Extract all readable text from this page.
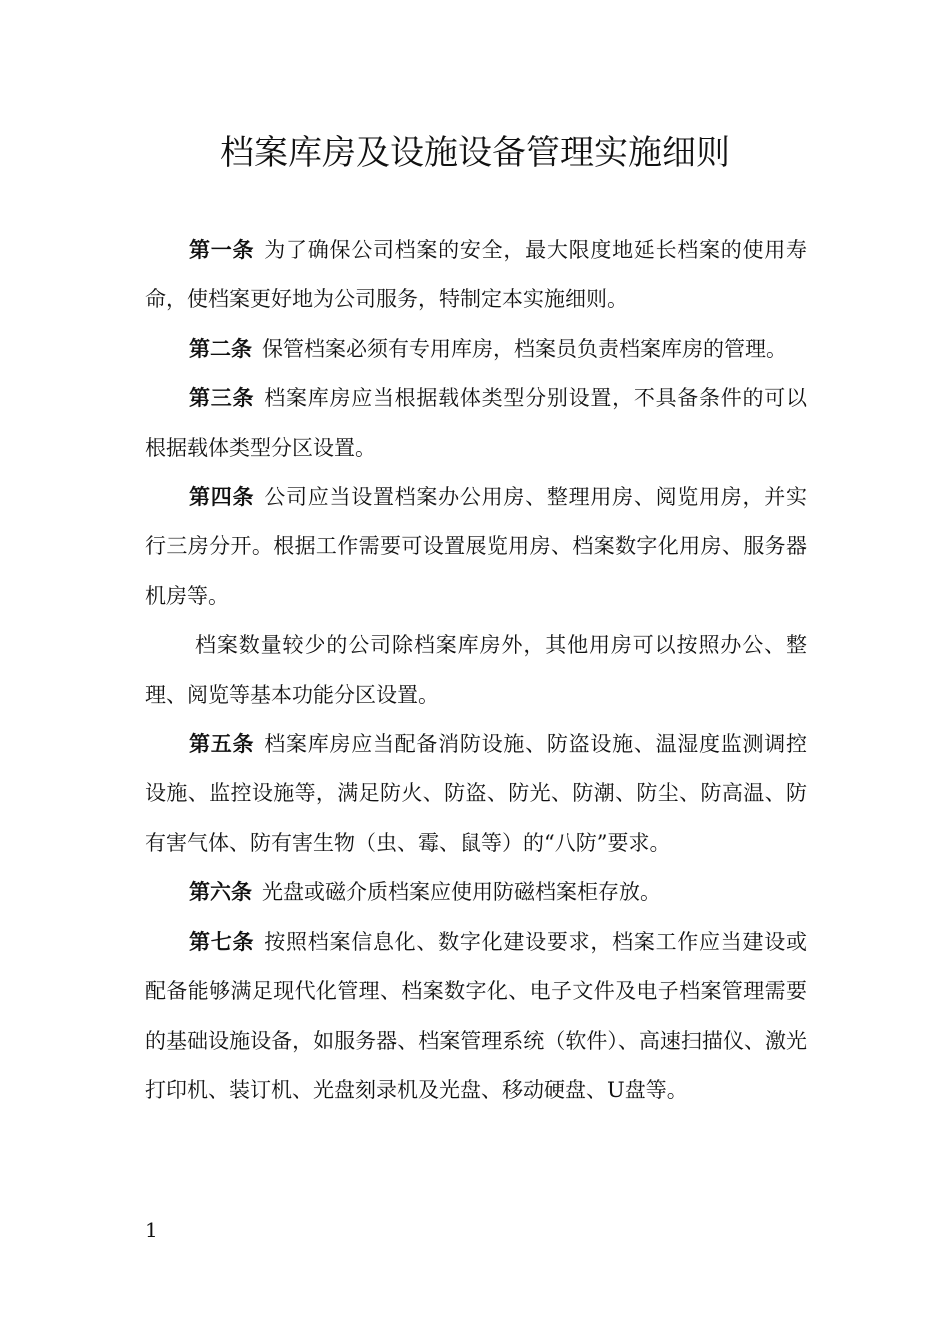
档案库房及设施设备管理实施细则

第一条 为了确保公司档案的安全，最大限度地延长档案的使用寿命，使档案更好地为公司服务，特制定本实施细则。

第二条 保管档案必须有专用库房，档案员负责档案库房的管理。

第三条 档案库房应当根据载体类型分别设置，不具备条件的可以根据载体类型分区设置。

第四条 公司应当设置档案办公用房、整理用房、阅览用房，并实行三房分开。根据工作需要可设置展览用房、档案数字化用房、服务器机房等。

档案数量较少的公司除档案库房外，其他用房可以按照办公、整理、阅览等基本功能分区设置。

第五条 档案库房应当配备消防设施、防盗设施、温湿度监测调控设施、监控设施等，满足防火、防盗、防光、防潮、防尘、防高温、防有害气体、防有害生物（虫、霉、鼠等）的“八防”要求。

第六条 光盘或磁介质档案应使用防磁档案柜存放。

第七条 按照档案信息化、数字化建设要求，档案工作应当建设或配备能够满足现代化管理、档案数字化、电子文件及电子档案管理需要的基础设施设备，如服务器、档案管理系统（软件）、高速扫描仪、激光打印机、装订机、光盘刻录机及光盘、移动硬盘、U盘等。

1
